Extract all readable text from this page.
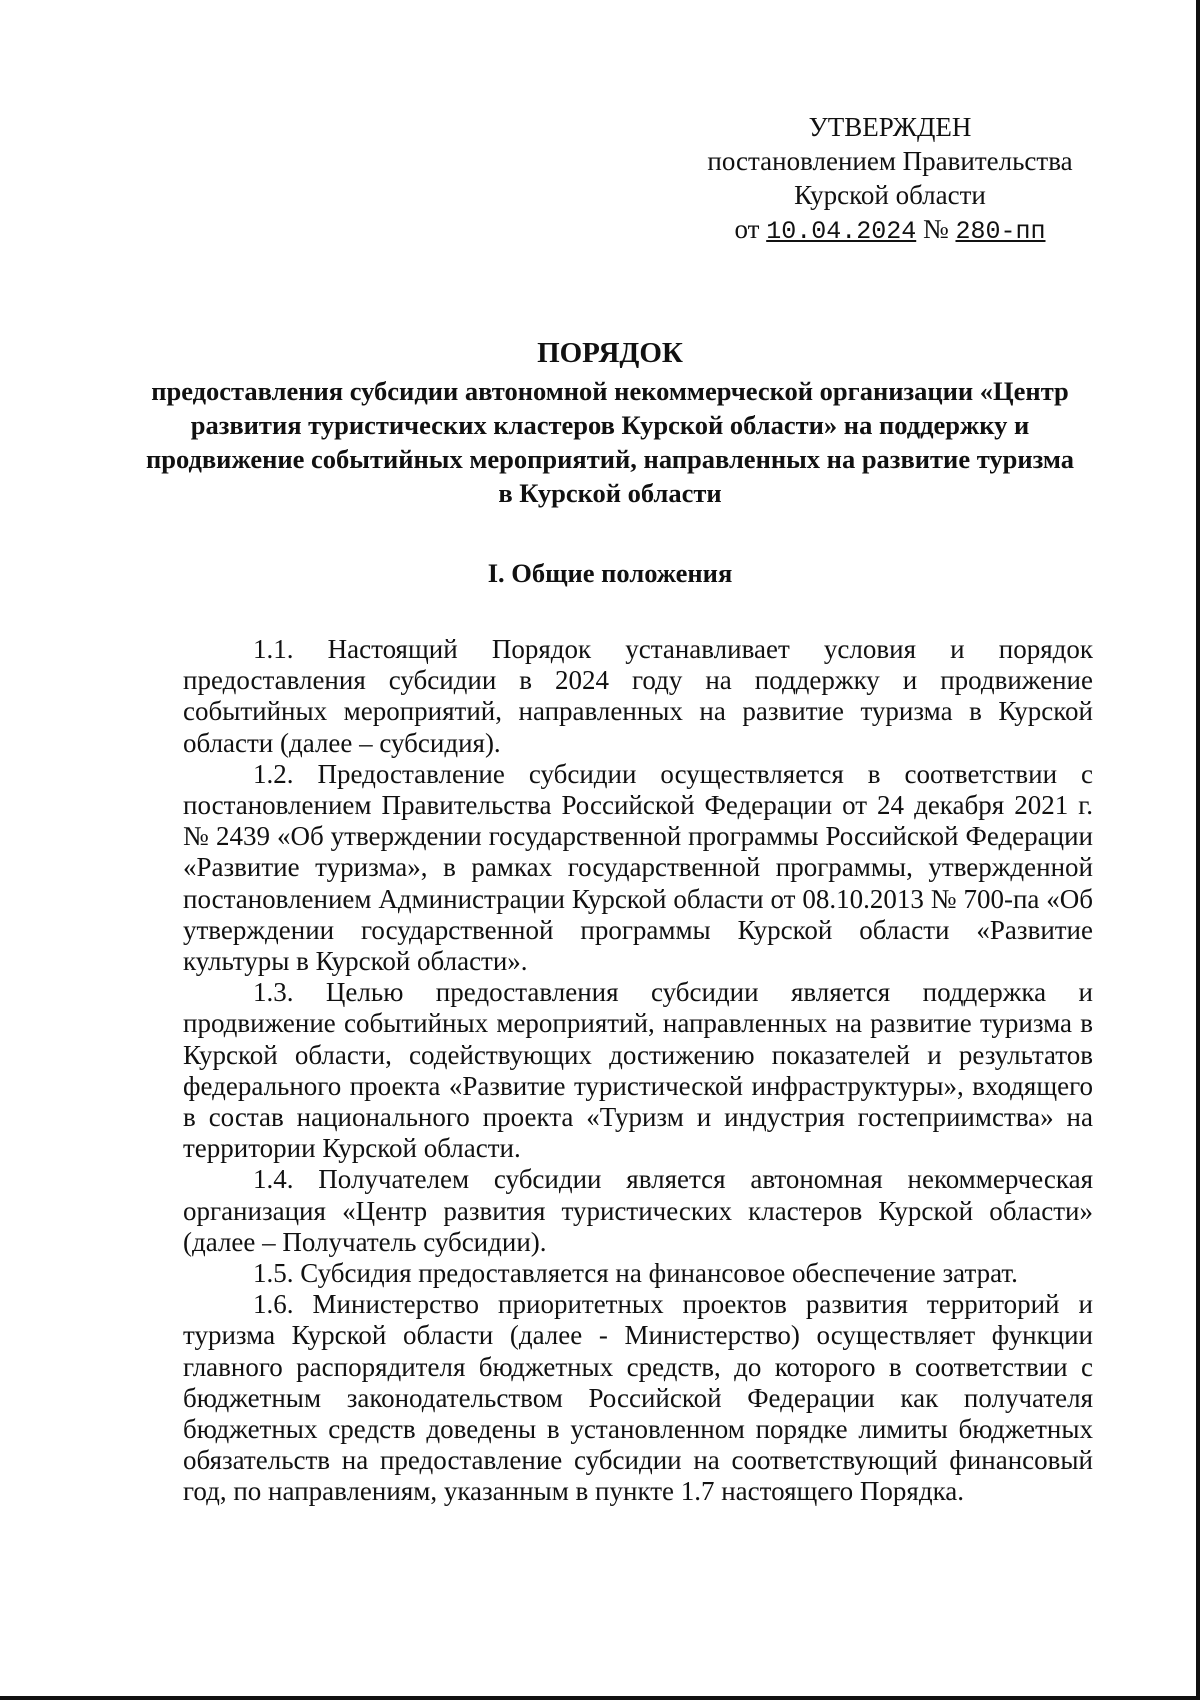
УТВЕРЖДЕН
постановлением Правительства
Курской области
от 10.04.2024 № 280-пп

ПОРЯДОК

предоставления субсидии автономной некоммерческой организации «Центр развития туристических кластеров Курской области» на поддержку и продвижение событийных мероприятий, направленных на развитие туризма в Курской области

I. Общие положения

1.1. Настоящий Порядок устанавливает условия и порядок предоставления субсидии в 2024 году на поддержку и продвижение событийных мероприятий, направленных на развитие туризма в Курской области (далее – субсидия).

1.2. Предоставление субсидии осуществляется в соответствии с постановлением Правительства Российской Федерации от 24 декабря 2021 г. № 2439 «Об утверждении государственной программы Российской Федерации «Развитие туризма», в рамках государственной программы, утвержденной постановлением Администрации Курской области от 08.10.2013 № 700-па «Об утверждении государственной программы Курской области «Развитие культуры в Курской области».

1.3. Целью предоставления субсидии является поддержка и продвижение событийных мероприятий, направленных на развитие туризма в Курской области, содействующих достижению показателей и результатов федерального проекта «Развитие туристической инфраструктуры», входящего в состав национального проекта «Туризм и индустрия гостеприимства» на территории Курской области.

1.4. Получателем субсидии является автономная некоммерческая организация «Центр развития туристических кластеров Курской области» (далее – Получатель субсидии).

1.5. Субсидия предоставляется на финансовое обеспечение затрат.

1.6. Министерство приоритетных проектов развития территорий и туризма Курской области (далее - Министерство) осуществляет функции главного распорядителя бюджетных средств, до которого в соответствии с бюджетным законодательством Российской Федерации как получателя бюджетных средств доведены в установленном порядке лимиты бюджетных обязательств на предоставление субсидии на соответствующий финансовый год, по направлениям, указанным в пункте 1.7 настоящего Порядка.
